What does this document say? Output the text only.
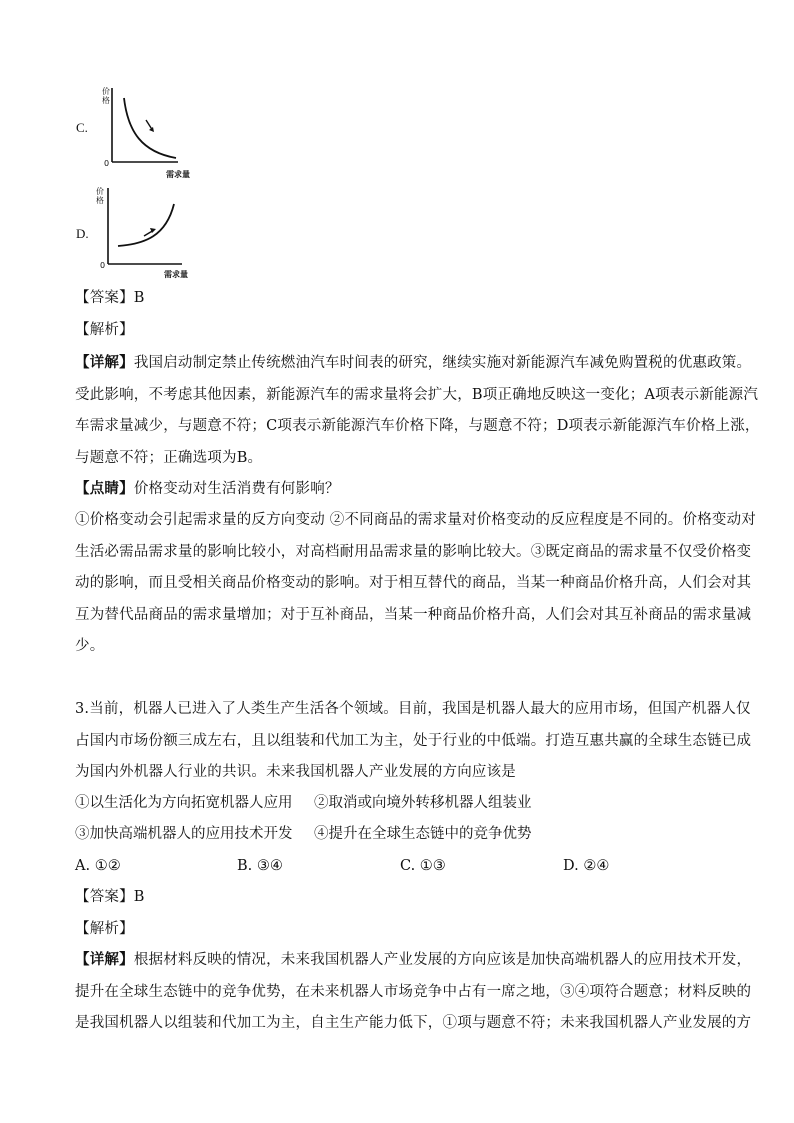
C.
价
格
0
需求量
D.
价
格
0
需求量
【答案】B
【解析】
【详解】我国启动制定禁止传统燃油汽车时间表的研究，继续实施对新能源汽车减免购置税的优惠政策。
受此影响，不考虑其他因素，新能源汽车的需求量将会扩大，B项正确地反映这一变化；A项表示新能源汽
车需求量减少，与题意不符；C项表示新能源汽车价格下降，与题意不符；D项表示新能源汽车价格上涨，
与题意不符；正确选项为B。
【点睛】价格变动对生活消费有何影响？
①价格变动会引起需求量的反方向变动 ②不同商品的需求量对价格变动的反应程度是不同的。价格变动对
生活必需品需求量的影响比较小，对高档耐用品需求量的影响比较大。③既定商品的需求量不仅受价格变
动的影响，而且受相关商品价格变动的影响。对于相互替代的商品，当某一种商品价格升高，人们会对其
互为替代品商品的需求量增加；对于互补商品，当某一种商品价格升高，人们会对其互补商品的需求量减
少。
3.当前，机器人已进入了人类生产生活各个领域。目前，我国是机器人最大的应用市场，但国产机器人仅
占国内市场份额三成左右，且以组装和代加工为主，处于行业的中低端。打造互惠共赢的全球生态链已成
为国内外机器人行业的共识。未来我国机器人产业发展的方向应该是
①以生活化为方向拓宽机器人应用 ②取消或向境外转移机器人组装业
③加快高端机器人的应用技术开发 ④提升在全球生态链中的竞争优势
A. ①②	B. ③④	C. ①③	D. ②④
【答案】B
【解析】
【详解】根据材料反映的情况，未来我国机器人产业发展的方向应该是加快高端机器人的应用技术开发，
提升在全球生态链中的竞争优势，在未来机器人市场竞争中占有一席之地，③④项符合题意；材料反映的
是我国机器人以组装和代加工为主，自主生产能力低下，①项与题意不符；未来我国机器人产业发展的方
